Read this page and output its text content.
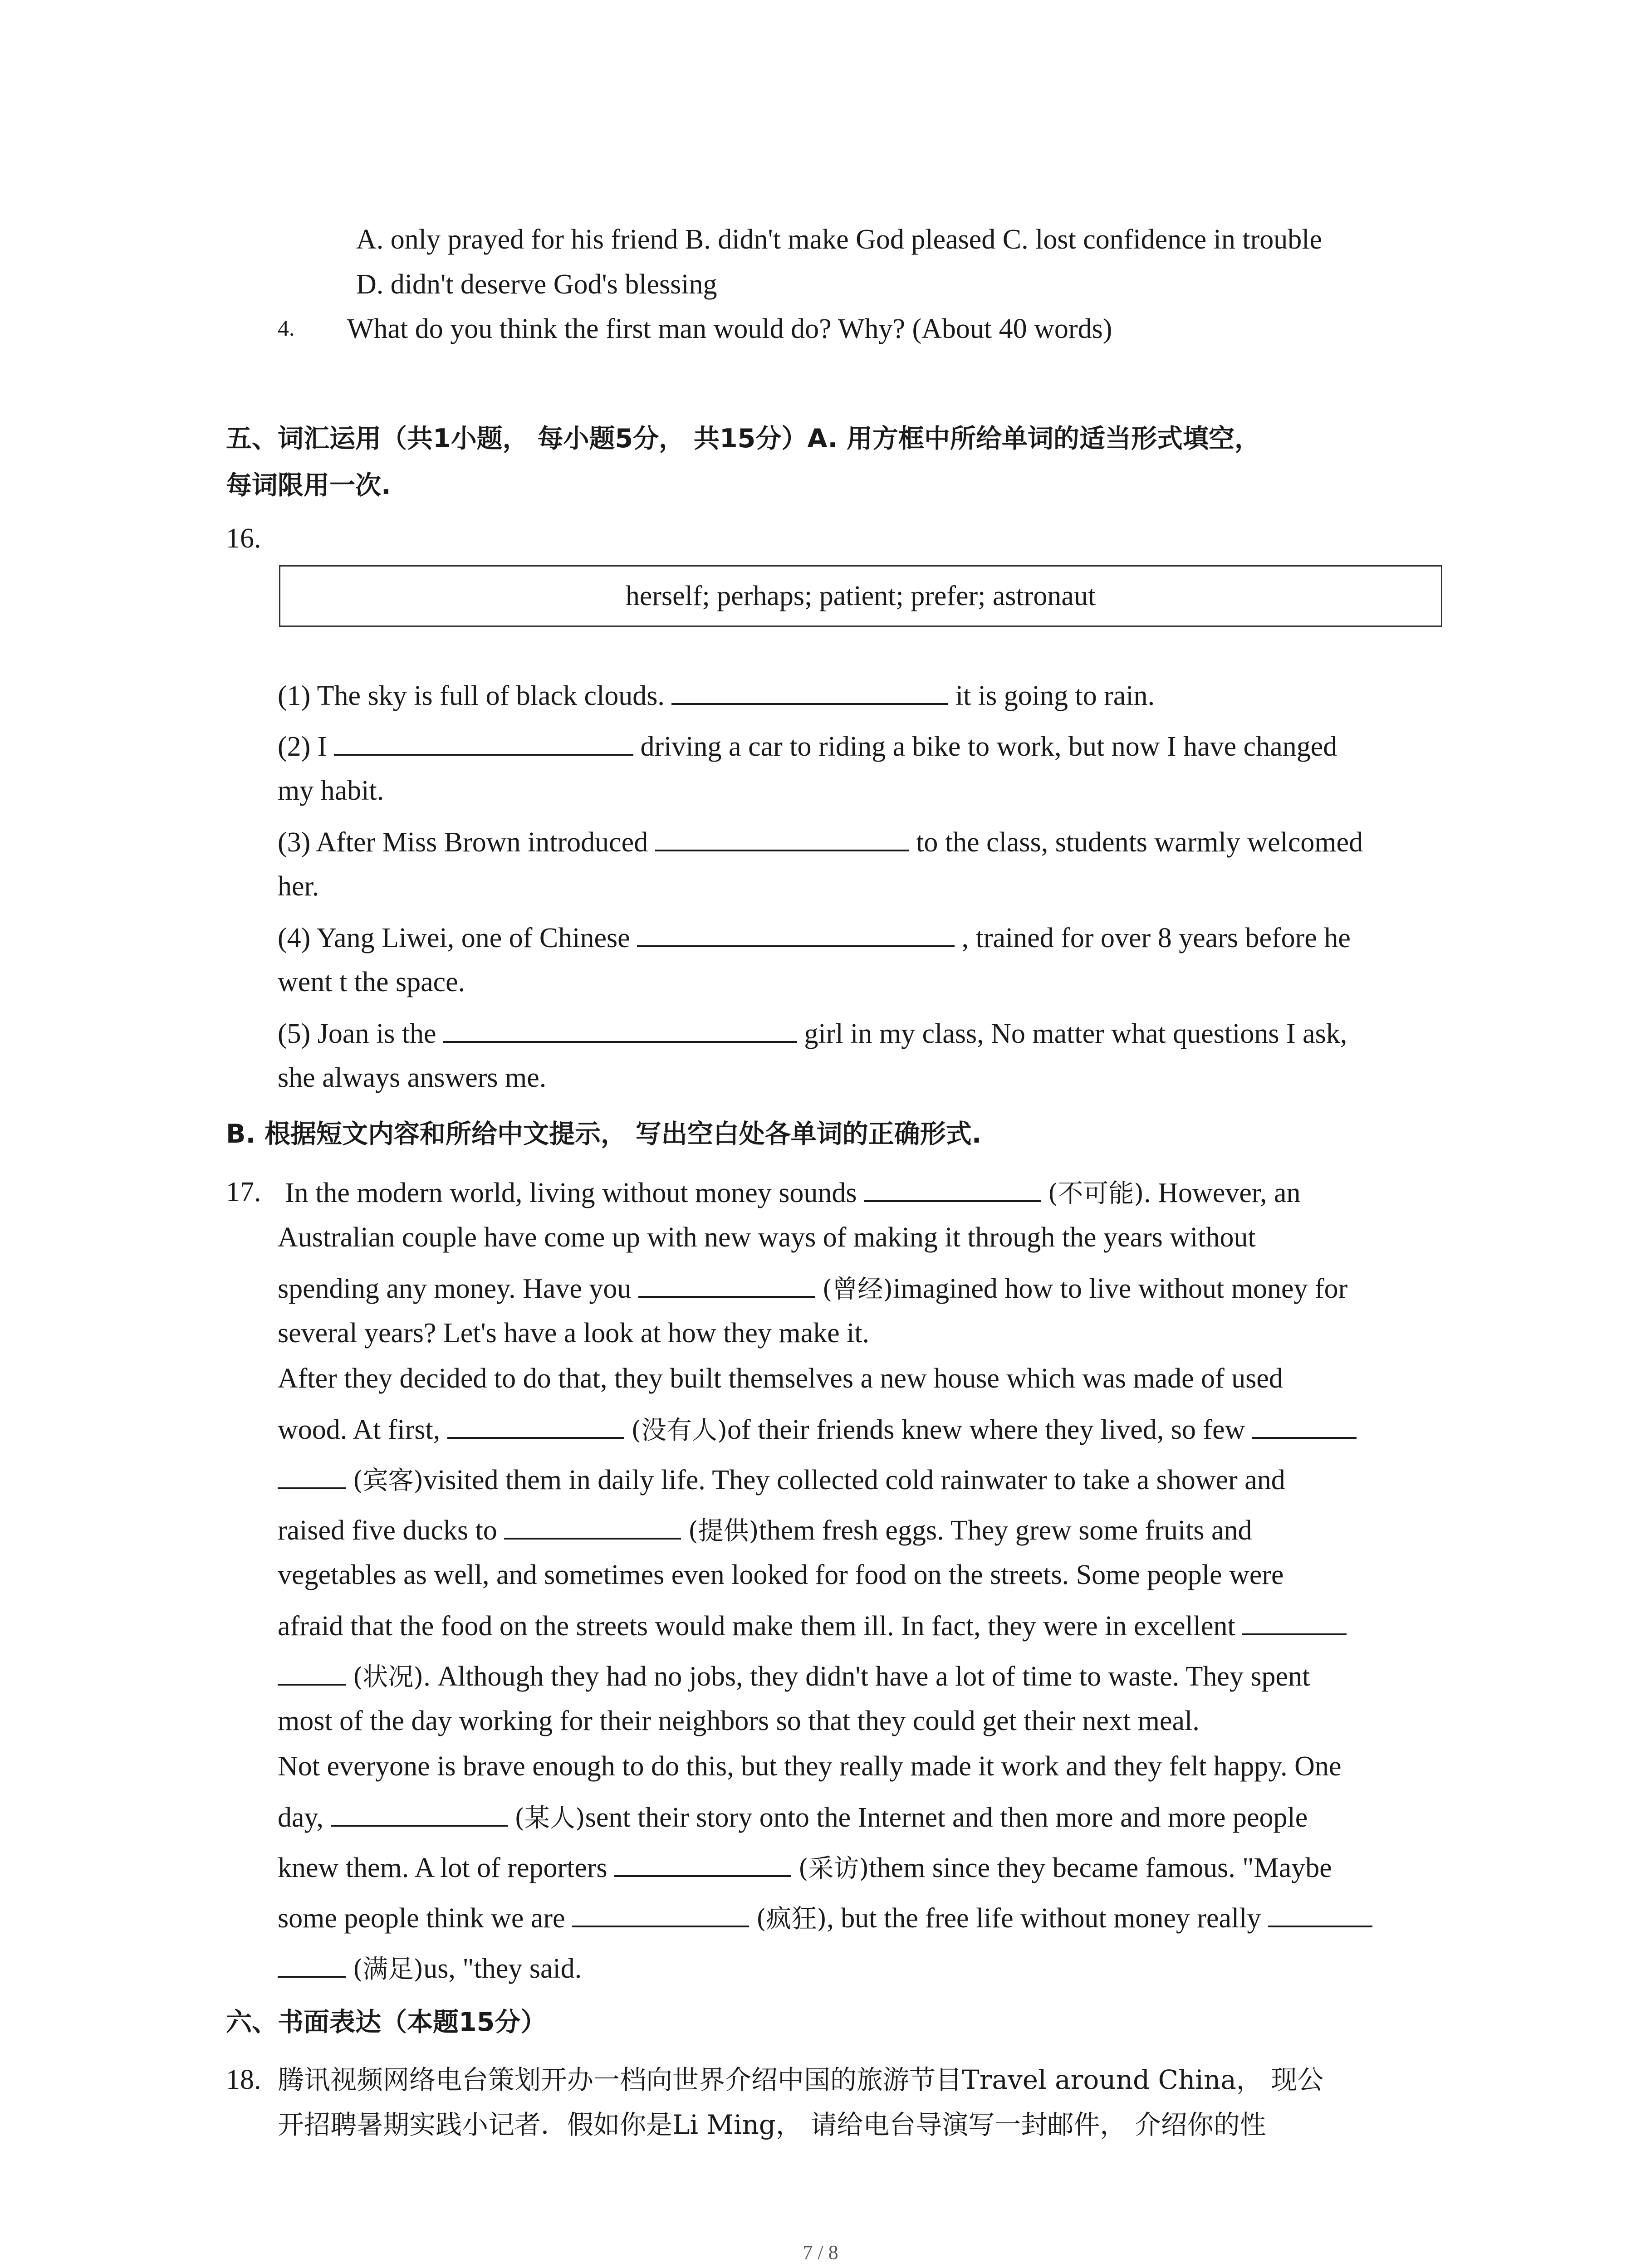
A. only prayed for his friend B. didn't make God pleased C. lost confidence in trouble
D. didn't deserve God's blessing
4. What do you think the first man would do? Why? (About 40 words)
五、词汇运用（共1小题， 每小题5分， 共15分）A. 用方框中所给单词的适当形式填空，
每词限用一次.
16.
herself; perhaps; patient; prefer; astronaut
(1) The sky is full of black clouds.	it is going to rain.
(2) I	driving a car to riding a bike to work, but now I have changed
my habit.
(3) After Miss Brown introduced	to the class, students warmly welcomed
her.
(4) Yang Liwei, one of Chinese	, trained for over 8 years before he
went t the space.
(5) Joan is the	girl in my class, No matter what questions I ask,
she always answers me.
B. 根据短文内容和所给中文提示， 写出空白处各单词的正确形式.
17. In the modern world, living without money sounds	(不可能). However, an
Australian couple have come up with new ways of making it through the years without
spending any money. Have you	(曾经)imagined how to live without money for
several years? Let's have a look at how they make it.
After they decided to do that, they built themselves a new house which was made of used
wood. At first,	(没有人)of their friends knew where they lived, so few
(宾客)visited them in daily life. They collected cold rainwater to take a shower and
raised five ducks to	(提供)them fresh eggs. They grew some fruits and
vegetables as well, and sometimes even looked for food on the streets. Some people were
afraid that the food on the streets would make them ill. In fact, they were in excellent
(状况). Although they had no jobs, they didn't have a lot of time to waste. They spent
most of the day working for their neighbors so that they could get their next meal.
Not everyone is brave enough to do this, but they really made it work and they felt happy. One
day,	(某人)sent their story onto the Internet and then more and more people
knew them. A lot of reporters	(采访)them since they became famous. "Maybe
some people think we are	(疯狂), but the free life without money really
(满足)us, "they said.
六、书面表达（本题15分）
18. 腾讯视频网络电台策划开办一档向世界介绍中国的旅游节目Travel around China， 现公
开招聘暑期实践小记者．假如你是Li Ming， 请给电台导演写一封邮件， 介绍你的性
7 / 8
